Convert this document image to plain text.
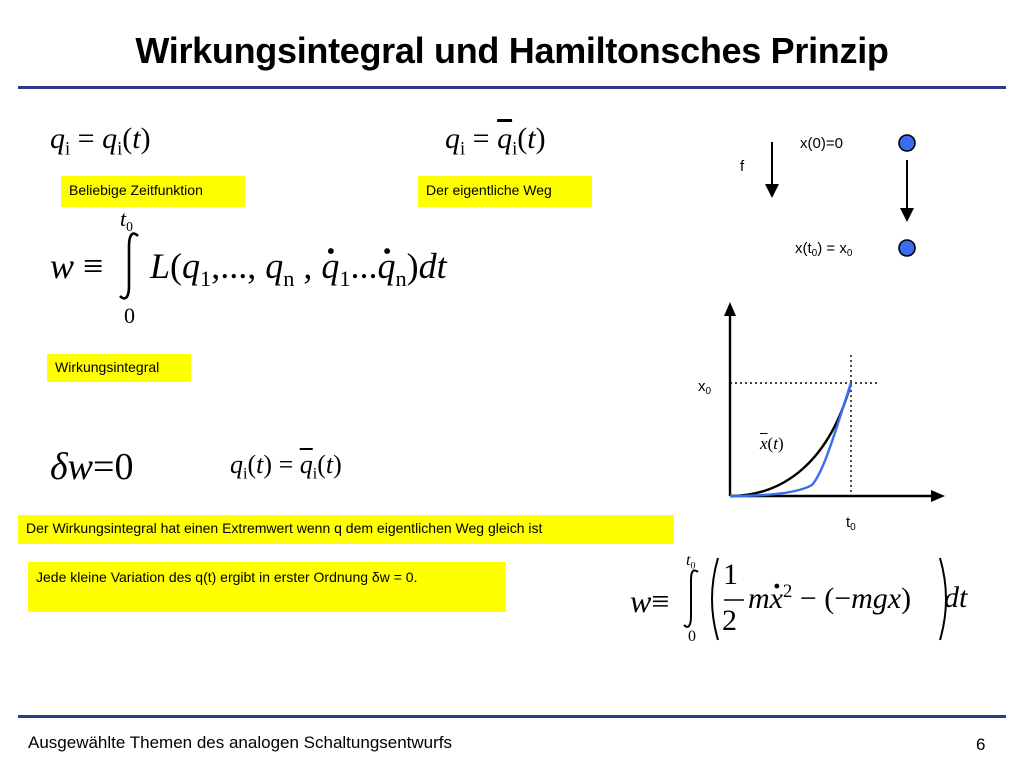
Wirkungsintegral und Hamiltonsches Prinzip
$q_i = q_i(t)$
Beliebige Zeitfunktion
$q_i = \overline{q}_i(t)$
Der eigentliche Weg
w ≡
$t_0$
0
$L(q_1$,..., $q_n$ , $q \cdot_1...q \cdot_n)dt$
Wirkungsintegral
δw=0	$q_i(t) = \overline{q}_i(t)$
Der Wirkungsintegral hat einen Extremwert wenn q dem eigentlichen Weg gleich ist
Jede kleine Variation des q(t) ergibt in erster Ordnung δw = 0.
w≡
$t_0$
0
1
2
mx ·$^2$ − (−mgx) dt
f
x(0)=0
$x(t_0) = x_0$
$x_0$
$t_0$
$\overline{x}(t)$
Ausgewählte Themen des analogen Schaltungsentwurfs	6
